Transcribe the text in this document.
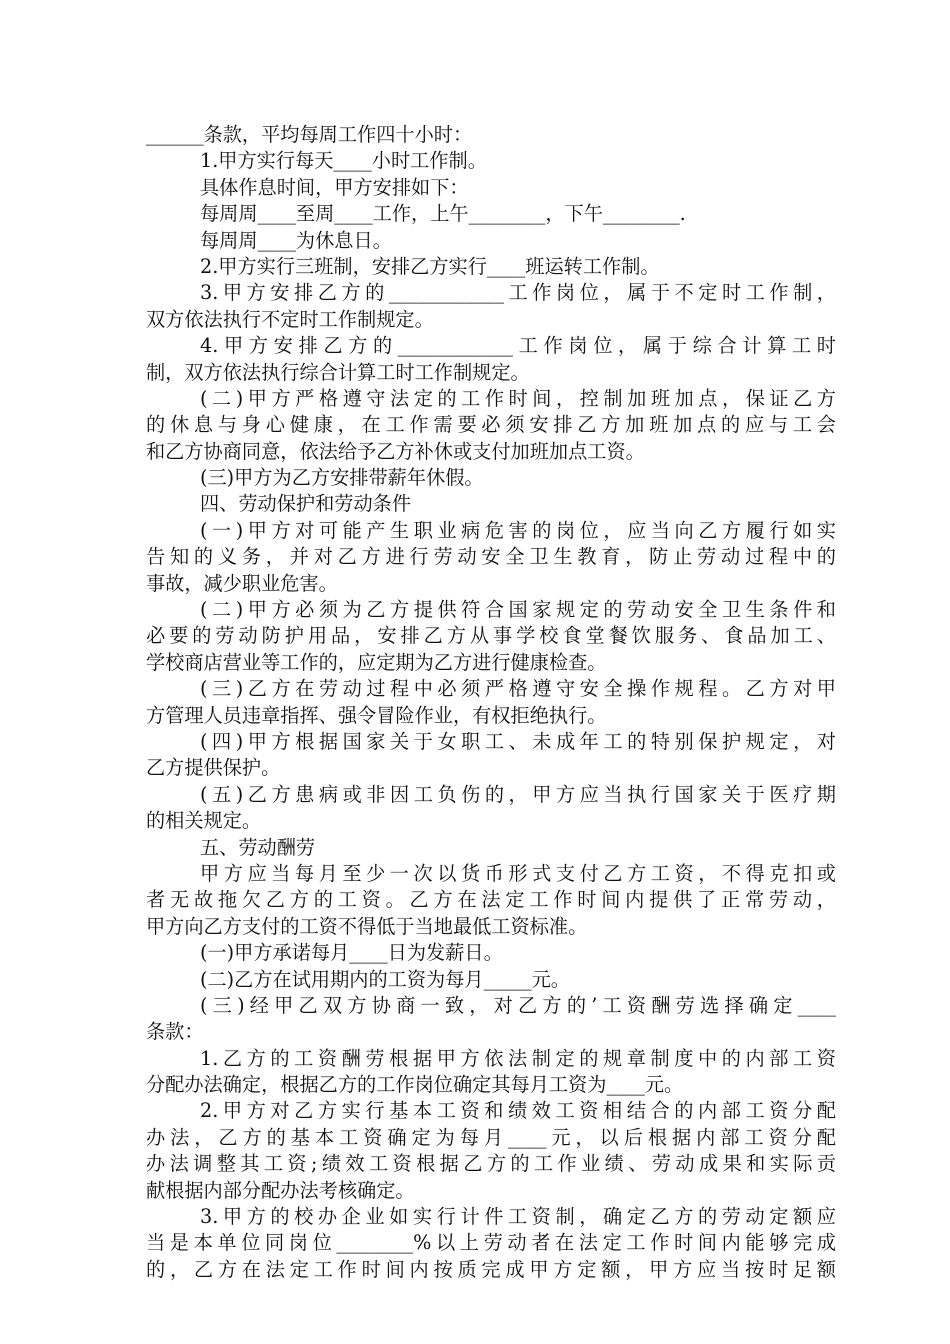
______条款，平均每周工作四十小时：
1.甲方实行每天____小时工作制。
具体作息时间，甲方安排如下：
每周周____至周____工作，上午________，下午________.
每周周____为休息日。
2.甲方实行三班制，安排乙方实行____班运转工作制。
3.甲方安排乙方的____________工作岗位，属于不定时工作制，
双方依法执行不定时工作制规定。
4.甲方安排乙方的____________工作岗位，属于综合计算工时
制，双方依法执行综合计算工时工作制规定。
(二)甲方严格遵守法定的工作时间，控制加班加点，保证乙方
的休息与身心健康，在工作需要必须安排乙方加班加点的应与工会
和乙方协商同意，依法给予乙方补休或支付加班加点工资。
(三)甲方为乙方安排带薪年休假。
四、劳动保护和劳动条件
(一)甲方对可能产生职业病危害的岗位，应当向乙方履行如实
告知的义务，并对乙方进行劳动安全卫生教育，防止劳动过程中的
事故，减少职业危害。
(二)甲方必须为乙方提供符合国家规定的劳动安全卫生条件和
必要的劳动防护用品，安排乙方从事学校食堂餐饮服务、食品加工、
学校商店营业等工作的，应定期为乙方进行健康检查。
(三)乙方在劳动过程中必须严格遵守安全操作规程。乙方对甲
方管理人员违章指挥、强令冒险作业，有权拒绝执行。
(四)甲方根据国家关于女职工、未成年工的特别保护规定，对
乙方提供保护。
(五)乙方患病或非因工负伤的，甲方应当执行国家关于医疗期
的相关规定。
五、劳动酬劳
甲方应当每月至少一次以货币形式支付乙方工资，不得克扣或
者无故拖欠乙方的工资。乙方在法定工作时间内提供了正常劳动，
甲方向乙方支付的工资不得低于当地最低工资标准。
(一)甲方承诺每月____日为发薪日。
(二)乙方在试用期内的工资为每月_____元。
(三)经甲乙双方协商一致，对乙方的’工资酬劳选择确定____
条款：
1.乙方的工资酬劳根据甲方依法制定的规章制度中的内部工资
分配办法确定，根据乙方的工作岗位确定其每月工资为____元。
2.甲方对乙方实行基本工资和绩效工资相结合的内部工资分配
办法，乙方的基本工资确定为每月____元，以后根据内部工资分配
办法调整其工资;绩效工资根据乙方的工作业绩、劳动成果和实际贡
献根据内部分配办法考核确定。
3.甲方的校办企业如实行计件工资制，确定乙方的劳动定额应
当是本单位同岗位________%以上劳动者在法定工作时间内能够完成
的，乙方在法定工作时间内按质完成甲方定额，甲方应当按时足额
